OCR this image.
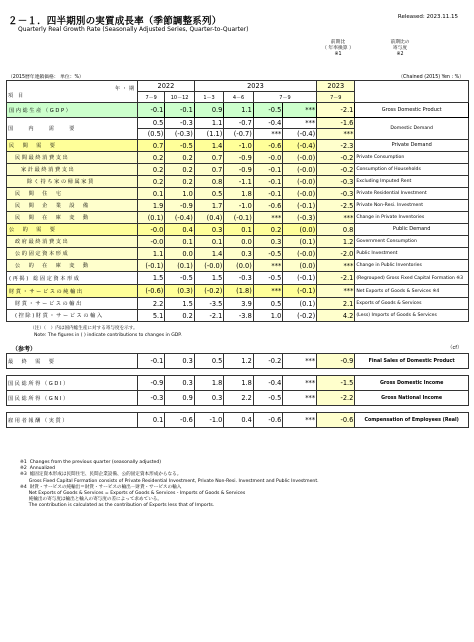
２－１．四半期別の実質成長率（季節調整系列）	Released: 2023.11.15
Quarterly Real Growth Rate (Seasonally Adjusted Series, Quarter-to-Quarter)
前期比
（ 年率換算 ）
※1
前期比の
寄与度
※2
（2015暦年連鎖価格： 単位：%）	（Chained (2015) Yen : %）
年・期
項　目	2022		2023				2023	
	7－9	10－12	1－3	4－6	7－9		7－9	
国内総生産（GDP）	-0.1	-0.1	0.9	1.1	-0.5	***	-2.1	Gross Domestic Product
国　　内　　需　　要	0.5	-0.3	1.1	-0.7	-0.4	***	-1.6	Domestic Demand
	(0.5)	(-0.3)	(1.1)	(-0.7)	***	(-0.4)	***	
民　間　需　要	0.7	-0.5	1.4	-1.0	-0.6	(-0.4)	-2.3	Private Demand
民間最終消費支出	0.2	0.2	0.7	-0.9	-0.0	(-0.0)	-0.2	Private Consumption
家計最終消費支出	0.2	0.2	0.7	-0.9	-0.1	(-0.0)	-0.2	Consumption of Households
除く持ち家の帰属家賃	0.2	0.2	0.8	-1.1	-0.1	(-0.0)	-0.3	Excluding Imputed Rent
民　間　住　宅	0.1	1.0	0.5	1.8	-0.1	(-0.0)	-0.3	Private Residential Investment
民　間　企　業　設　備	1.9	-0.9	1.7	-1.0	-0.6	(-0.1)	-2.5	Private Non-Resi. Investment
民　間　在　庫　変　動	(0.1)	(-0.4)	(0.4)	(-0.1)	***	(-0.3)	***	Change in Private Inventories
公　的　需　要	-0.0	0.4	0.3	0.1	0.2	(0.0)	0.8	Public Demand
政府最終消費支出	-0.0	0.1	0.1	0.0	0.3	(0.1)	1.2	Government Consumption
公的固定資本形成	1.1	0.0	1.4	0.3	-0.5	(-0.0)	-2.0	Public Investment
公　的　在　庫　変　動	(-0.1)	(0.1)	(-0.0)	(0.0)	***	(0.0)	***	Change in Public Inventories
(再掲) 総固定資本形成	1.5	-0.5	1.5	-0.3	-0.5	(-0.1)	-2.1	(Regrouped) Gross Fixed Capital Formation ※3
財貨・サービスの純輸出	(-0.6)	(0.3)	(-0.2)	(1.8)	***	(-0.1)	***	Net Exports of Goods & Services ※4
財貨・サービスの輸出	2.2	1.5	-3.5	3.9	0.5	(0.1)	2.1	Exports of Goods & Services
(控除)財貨・サービスの輸入	5.1	0.2	-2.1	-3.8	1.0	(-0.2)	4.2	(Less) Imports of Goods & Services
（注）（　）内は国内総生産に対する寄与度を示す。
Note: The figures in ( ) indicate contributions to changes in GDP.
（参考）	（cf）
最　終　需　要	-0.1	0.3	0.5	1.2	-0.2	***	-0.9	Final Sales of Domestic Product

国民総所得（GDI）	-0.9	0.3	1.8	1.8	-0.4	***	-1.5	Gross Domestic Income
国民総所得（GNI）	-0.3	0.9	0.3	2.2	-0.5	***	-2.2	Gross National Income

雇用者報酬（実質）	0.1	-0.6	-1.0	0.4	-0.6	***	-0.6	Compensation of Employees (Real)
※1  Changes from the previous quarter (seasonally adjusted)
※2  Annualized
※3  総固定資本形成は民間住宅、民間企業設備、公的固定資本形成からなる。
Gross Fixed Capital Formation consists of Private Residential Investment, Private Non-Resi. Investment and Public Investment.
※4  財貨・サービスの純輸出＝財貨・サービスの輸出－財貨・サービスの輸入
Net Exports of Goods & Services = Exports of Goods & Services - Imports of Goods & Services
純輸出の寄与度は輸出と輸入の寄与度の差によって求めている。
The contribution is calculated as the contribution of Exports less that of Imports.
